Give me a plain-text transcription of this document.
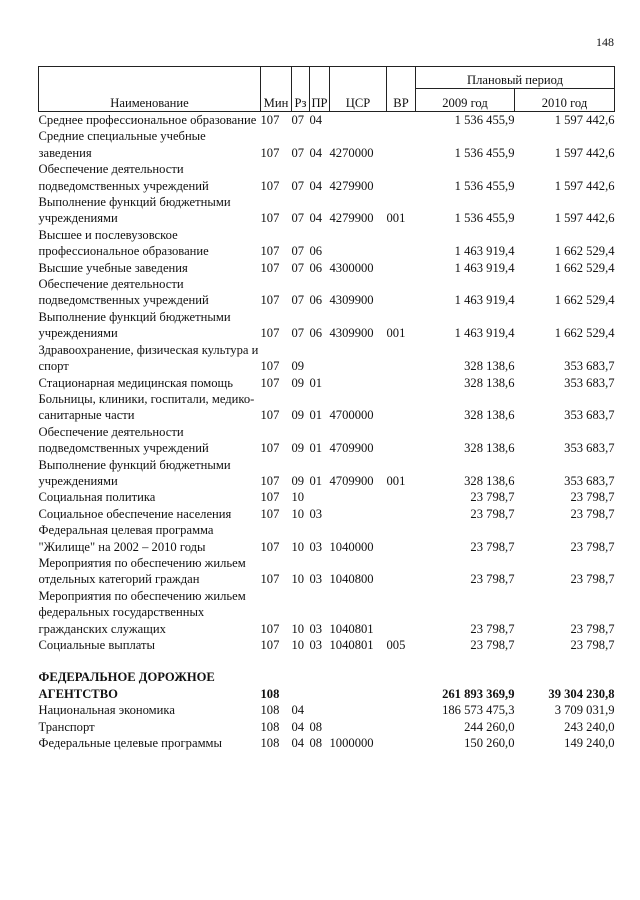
148
Наименование	Мин	Рз	ПР	ЦСР	ВР	Плановый период	
						2009 год	2010 год
Среднее профессиональное образование	107	07	04			1 536 455,9	1 597 442,6
Средние специальные учебные заведения	107	07	04	4270000		1 536 455,9	1 597 442,6
Обеспечение деятельности подведомственных учреждений	107	07	04	4279900		1 536 455,9	1 597 442,6
Выполнение функций бюджетными учреждениями	107	07	04	4279900	001	1 536 455,9	1 597 442,6
Высшее и послевузовское профессиональное образование	107	07	06			1 463 919,4	1 662 529,4
Высшие учебные заведения	107	07	06	4300000		1 463 919,4	1 662 529,4
Обеспечение деятельности подведомственных учреждений	107	07	06	4309900		1 463 919,4	1 662 529,4
Выполнение функций бюджетными учреждениями	107	07	06	4309900	001	1 463 919,4	1 662 529,4
Здравоохранение, физическая культура и спорт	107	09				328 138,6	353 683,7
Стационарная медицинская помощь	107	09	01			328 138,6	353 683,7
Больницы, клиники, госпитали, медико-санитарные части	107	09	01	4700000		328 138,6	353 683,7
Обеспечение деятельности подведомственных учреждений	107	09	01	4709900		328 138,6	353 683,7
Выполнение функций бюджетными учреждениями	107	09	01	4709900	001	328 138,6	353 683,7
Социальная политика	107	10				23 798,7	23 798,7
Социальное обеспечение населения	107	10	03			23 798,7	23 798,7
Федеральная целевая программа "Жилище" на 2002 – 2010 годы	107	10	03	1040000		23 798,7	23 798,7
Мероприятия по обеспечению жильем отдельных категорий граждан	107	10	03	1040800		23 798,7	23 798,7
Мероприятия по обеспечению жильем федеральных государственных гражданских служащих	107	10	03	1040801		23 798,7	23 798,7
Социальные выплаты	107	10	03	1040801	005	23 798,7	23 798,7

ФЕДЕРАЛЬНОЕ ДОРОЖНОЕ АГЕНТСТВО	108					261 893 369,9	39 304 230,8
Национальная экономика	108	04				186 573 475,3	3 709 031,9
Транспорт	108	04	08			244 260,0	243 240,0
Федеральные целевые программы	108	04	08	1000000		150 260,0	149 240,0
